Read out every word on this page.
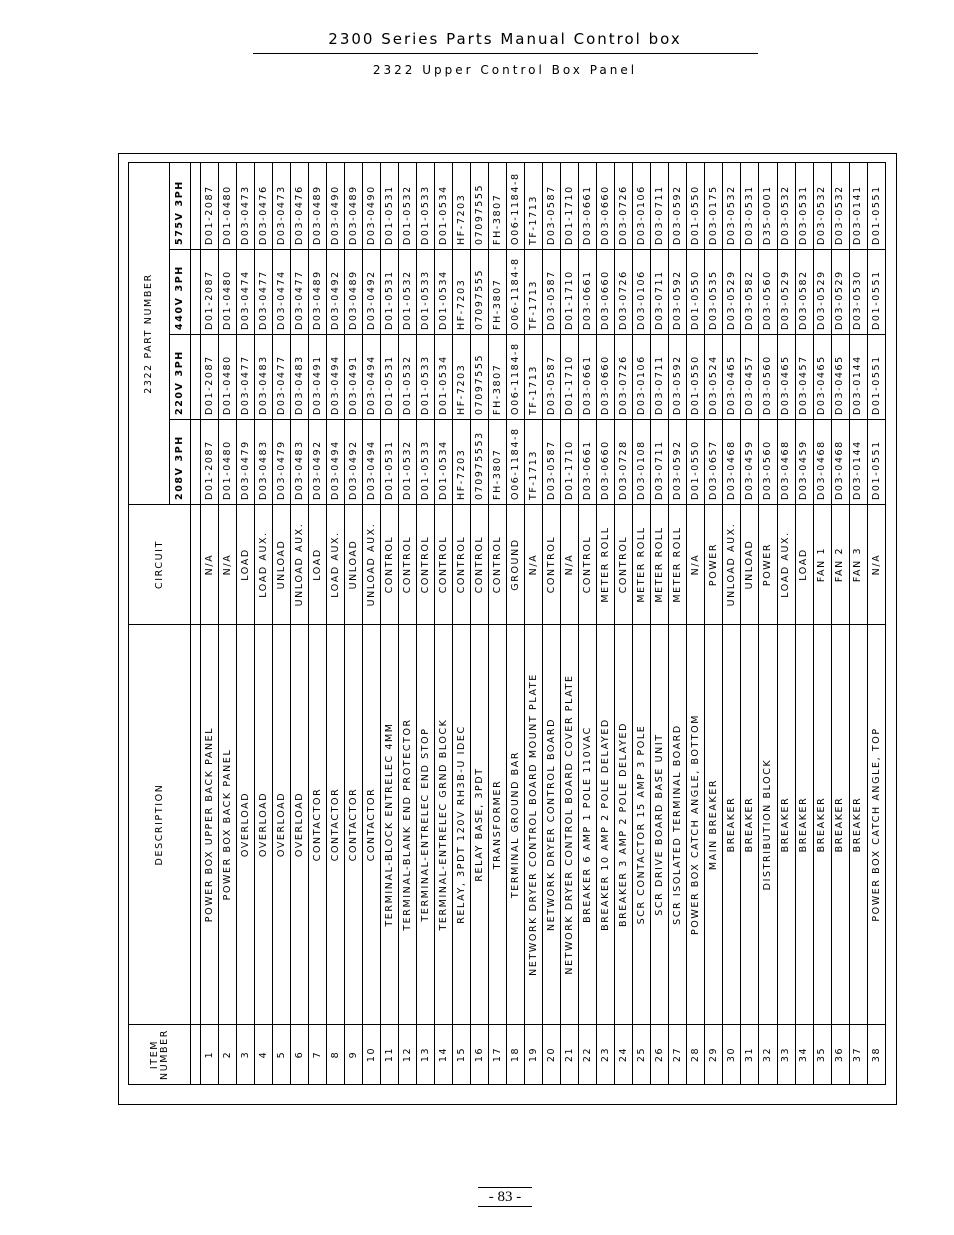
2300 Series Parts Manual Control box
2322 Upper Control Box Panel
ITEM NUMBER	DESCRIPTION	CIRCUIT	2322 PART NUMBER			
			208V 3PH	220V 3PH	440V 3PH	575V 3PH

1	POWER BOX UPPER BACK PANEL	N/A	D01-2087	D01-2087	D01-2087	D01-2087
2	POWER BOX BACK PANEL	N/A	D01-0480	D01-0480	D01-0480	D01-0480
3	OVERLOAD	LOAD	D03-0479	D03-0477	D03-0474	D03-0473
4	OVERLOAD	LOAD AUX.	D03-0483	D03-0483	D03-0477	D03-0476
5	OVERLOAD	UNLOAD	D03-0479	D03-0477	D03-0474	D03-0473
6	OVERLOAD	UNLOAD AUX.	D03-0483	D03-0483	D03-0477	D03-0476
7	CONTACTOR	LOAD	D03-0492	D03-0491	D03-0489	D03-0489
8	CONTACTOR	LOAD AUX.	D03-0494	D03-0494	D03-0492	D03-0490
9	CONTACTOR	UNLOAD	D03-0492	D03-0491	D03-0489	D03-0489
10	CONTACTOR	UNLOAD AUX.	D03-0494	D03-0494	D03-0492	D03-0490
11	TERMINAL-BLOCK ENTRELEC 4MM	CONTROL	D01-0531	D01-0531	D01-0531	D01-0531
12	TERMINAL-BLANK END PROTECTOR	CONTROL	D01-0532	D01-0532	D01-0532	D01-0532
13	TERMINAL-ENTRELEC END STOP	CONTROL	D01-0533	D01-0533	D01-0533	D01-0533
14	TERMINAL-ENTRELEC GRND BLOCK	CONTROL	D01-0534	D01-0534	D01-0534	D01-0534
15	RELAY, 3PDT 120V RH3B-U IDEC	CONTROL	HF-7203	HF-7203	HF-7203	HF-7203
16	RELAY BASE, 3PDT	CONTROL	070975553	07097555	07097555	07097555
17	TRANSFORMER	CONTROL	FH-3807	FH-3807	FH-3807	FH-3807
18	TERMINAL GROUND BAR	GROUND	O06-1184-8	O06-1184-8	O06-1184-8	O06-1184-8
19	NETWORK DRYER CONTROL BOARD MOUNT PLATE	N/A	TF-1713	TF-1713	TF-1713	TF-1713
20	NETWORK DRYER CONTROL BOARD	CONTROL	D03-0587	D03-0587	D03-0587	D03-0587
21	NETWORK DRYER CONTROL BOARD COVER PLATE	N/A	D01-1710	D01-1710	D01-1710	D01-1710
22	BREAKER 6 AMP 1 POLE 110VAC	CONTROL	D03-0661	D03-0661	D03-0661	D03-0661
23	BREAKER 10 AMP 2 POLE DELAYED	METER ROLL	D03-0660	D03-0660	D03-0660	D03-0660
24	BREAKER 3 AMP 2 POLE DELAYED	CONTROL	D03-0728	D03-0726	D03-0726	D03-0726
25	SCR CONTACTOR 15 AMP 3 POLE	METER ROLL	D03-0108	D03-0106	D03-0106	D03-0106
26	SCR DRIVE BOARD BASE UNIT	METER ROLL	D03-0711	D03-0711	D03-0711	D03-0711
27	SCR ISOLATED TERMINAL BOARD	METER ROLL	D03-0592	D03-0592	D03-0592	D03-0592
28	POWER BOX CATCH ANGLE, BOTTOM	N/A	D01-0550	D01-0550	D01-0550	D01-0550
29	MAIN BREAKER	POWER	D03-0657	D03-0524	D03-0535	D03-0175
30	BREAKER	UNLOAD AUX.	D03-0468	D03-0465	D03-0529	D03-0532
31	BREAKER	UNLOAD	D03-0459	D03-0457	D03-0582	D03-0531
32	DISTRIBUTION BLOCK	POWER	D03-0560	D03-0560	D03-0560	D35-0001
33	BREAKER	LOAD AUX.	D03-0468	D03-0465	D03-0529	D03-0532
34	BREAKER	LOAD	D03-0459	D03-0457	D03-0582	D03-0531
35	BREAKER	FAN 1	D03-0468	D03-0465	D03-0529	D03-0532
36	BREAKER	FAN 2	D03-0468	D03-0465	D03-0529	D03-0532
37	BREAKER	FAN 3	D03-0144	D03-0144	D03-0530	D03-0141
38	POWER BOX CATCH ANGLE, TOP	N/A	D01-0551	D01-0551	D01-0551	D01-0551
- 83 -
